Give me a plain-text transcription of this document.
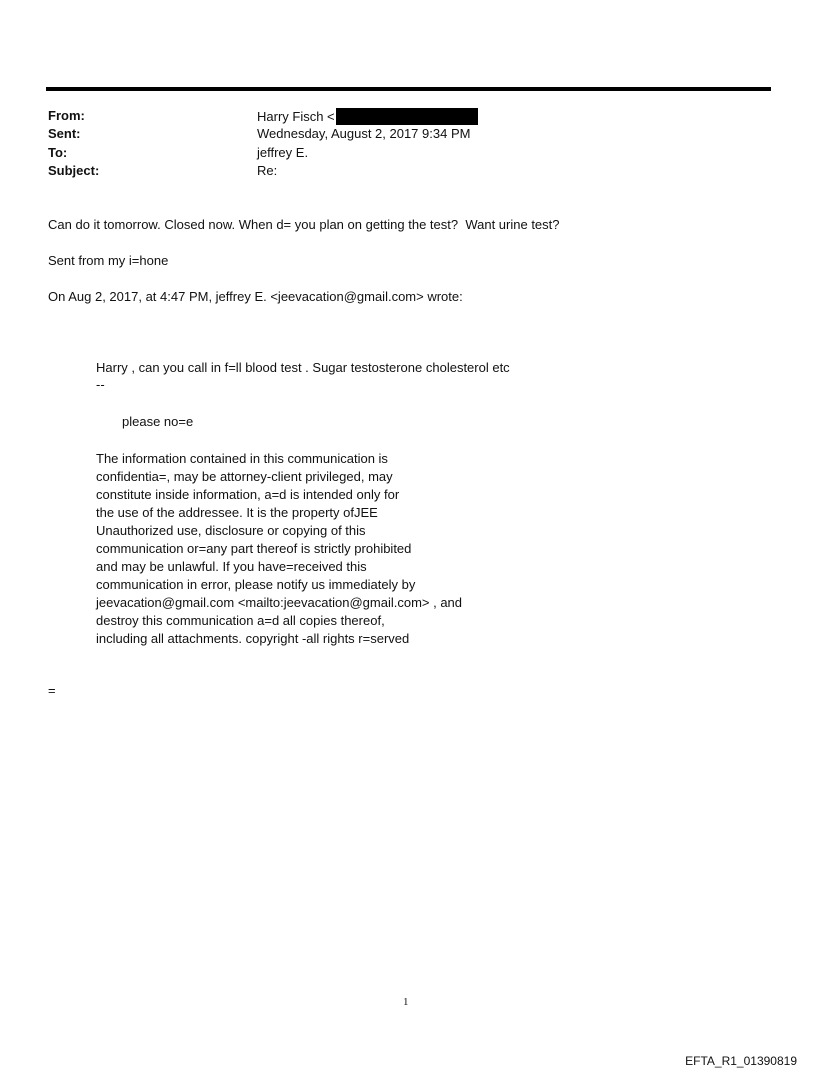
From:	Harry Fisch <
Sent:	Wednesday, August 2, 2017 9:34 PM
To:	jeffrey E.
Subject:	Re:
Can do it tomorrow. Closed now. When d= you plan on getting the test?  Want urine test?
Sent from my i=hone
On Aug 2, 2017, at 4:47 PM, jeffrey E. <jeevacation@gmail.com> wrote:
Harry , can you call in f=ll blood test . Sugar testosterone cholesterol etc
--
please no=e
The information contained in this communication is
confidentia=, may be attorney-client privileged, may
constitute inside information, a=d is intended only for
the use of the addressee. It is the property ofJEE
Unauthorized use, disclosure or copying of this
communication or=any part thereof is strictly prohibited
and may be unlawful. If you have=received this
communication in error, please notify us immediately by
jeevacation@gmail.com <mailto:jeevacation@gmail.com> , and
destroy this communication a=d all copies thereof,
including all attachments. copyright -all rights r=served
=
1
EFTA_R1_01390819
